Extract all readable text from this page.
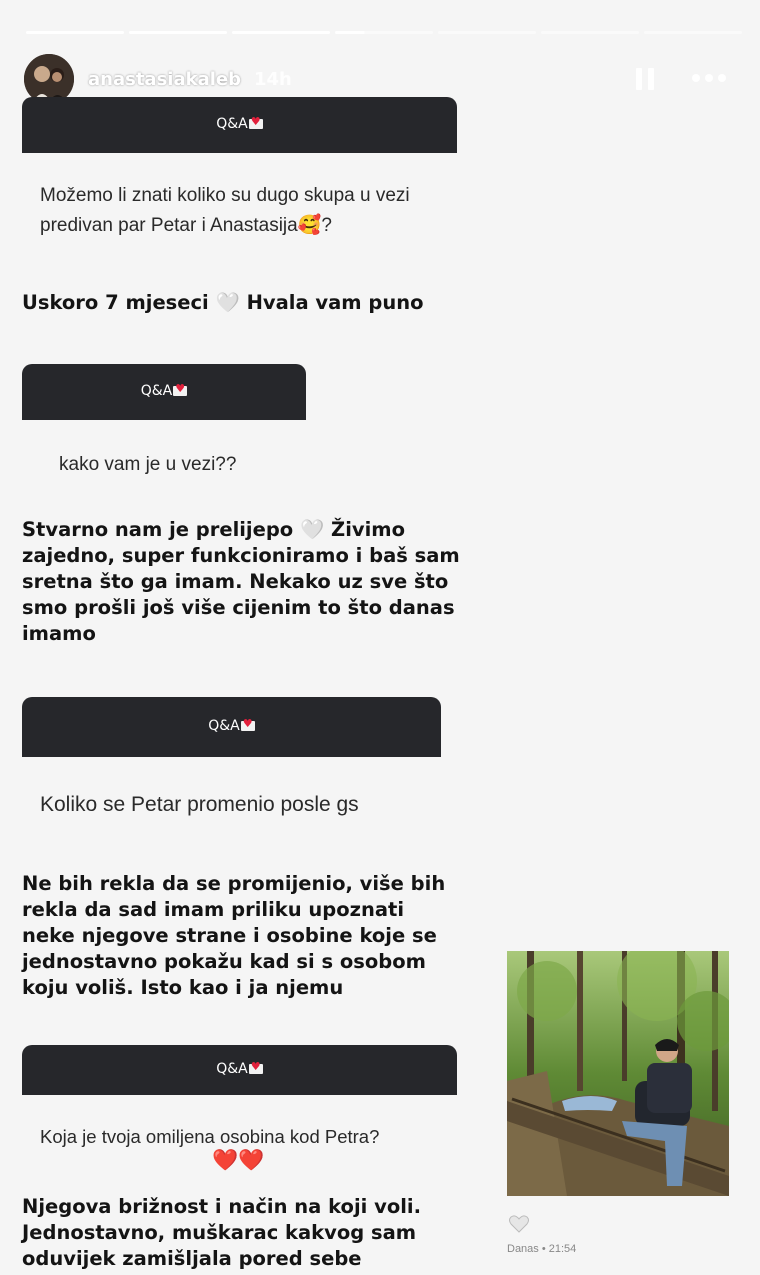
anastasiakaleb 14h
Q&A♥
Možemo li znati koliko su dugo skupa u vezi predivan par Petar i Anastasija🥰?
Uskoro 7 mjeseci 🤍 Hvala vam puno
Q&A♥
kako vam je u vezi??
Stvarno nam je prelijepo 🤍 Živimo zajedno, super funkcioniramo i baš sam sretna što ga imam. Nekako uz sve što smo prošli još više cijenim to što danas imamo
Q&A♥
Koliko se Petar promenio posle gs
Ne bih rekla da se promijenio, više bih rekla da sad imam priliku upoznati neke njegove strane i osobine koje se jednostavno pokažu kad si s osobom koju voliš. Isto kao i ja njemu
Q&A♥
Koja je tvoja omiljena osobina kod Petra?
❤️❤️
Njegova brižnost i način na koji voli. Jednostavno, muškarac kakvog sam oduvijek zamišljala pored sebe	Danas • 21:54
